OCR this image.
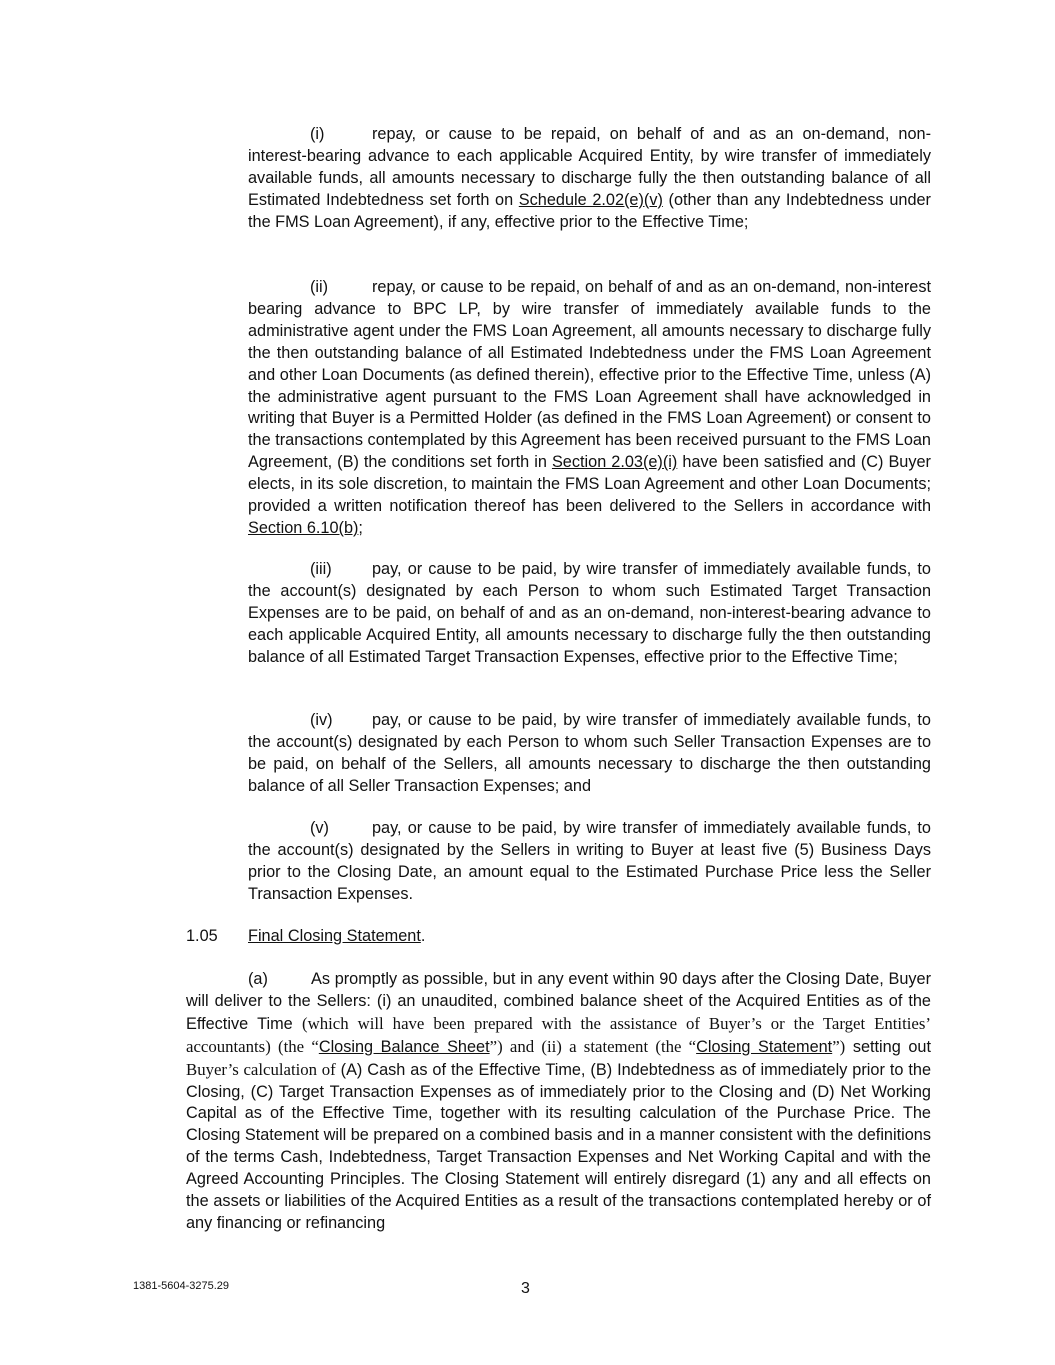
(i)	repay, or cause to be repaid, on behalf of and as an on-demand, non-interest-bearing advance to each applicable Acquired Entity, by wire transfer of immediately available funds, all amounts necessary to discharge fully the then outstanding balance of all Estimated Indebtedness set forth on Schedule 2.02(e)(v) (other than any Indebtedness under the FMS Loan Agreement), if any, effective prior to the Effective Time;

(ii)	repay, or cause to be repaid, on behalf of and as an on-demand, non-interest bearing advance to BPC LP, by wire transfer of immediately available funds to the administrative agent under the FMS Loan Agreement, all amounts necessary to discharge fully the then outstanding balance of all Estimated Indebtedness under the FMS Loan Agreement and other Loan Documents (as defined therein), effective prior to the Effective Time, unless (A) the administrative agent pursuant to the FMS Loan Agreement shall have acknowledged in writing that Buyer is a Permitted Holder (as defined in the FMS Loan Agreement) or consent to the transactions contemplated by this Agreement has been received pursuant to the FMS Loan Agreement, (B) the conditions set forth in Section 2.03(e)(i) have been satisfied and (C) Buyer elects, in its sole discretion, to maintain the FMS Loan Agreement and other Loan Documents; provided a written notification thereof has been delivered to the Sellers in accordance with Section 6.10(b);

(iii) pay, or cause to be paid, by wire transfer of immediately available funds, to the account(s) designated by each Person to whom such Estimated Target Transaction Expenses are to be paid, on behalf of and as an on-demand, non-interest-bearing advance to each applicable Acquired Entity, all amounts necessary to discharge fully the then outstanding balance of all Estimated Target Transaction Expenses, effective prior to the Effective Time;

(iv) pay, or cause to be paid, by wire transfer of immediately available funds, to the account(s) designated by each Person to whom such Seller Transaction Expenses are to be paid, on behalf of the Sellers, all amounts necessary to discharge the then outstanding balance of all Seller Transaction Expenses; and

(v)	pay, or cause to be paid, by wire transfer of immediately available funds, to the account(s) designated by the Sellers in writing to Buyer at least five (5) Business Days prior to the Closing Date, an amount equal to the Estimated Purchase Price less the Seller Transaction Expenses.

1.05 Final Closing Statement.

(a)	As promptly as possible, but in any event within 90 days after the Closing Date, Buyer will deliver to the Sellers: (i) an unaudited, combined balance sheet of the Acquired Entities as of the Effective Time (which will have been prepared with the assistance of Buyer’s or the Target Entities’ accountants) (the “Closing Balance Sheet”) and (ii) a statement (the “Closing Statement”) setting out Buyer’s calculation of (A) Cash as of the Effective Time, (B) Indebtedness as of immediately prior to the Closing, (C) Target Transaction Expenses as of immediately prior to the Closing and (D) Net Working Capital as of the Effective Time, together with its resulting calculation of the Purchase Price. The Closing Statement will be prepared on a combined basis and in a manner consistent with the definitions of the terms Cash, Indebtedness, Target Transaction Expenses and Net Working Capital and with the Agreed Accounting Principles. The Closing Statement will entirely disregard (1) any and all effects on the assets or liabilities of the Acquired Entities as a result of the transactions contemplated hereby or of any financing or refinancing

1381-5604-3275.29	3
